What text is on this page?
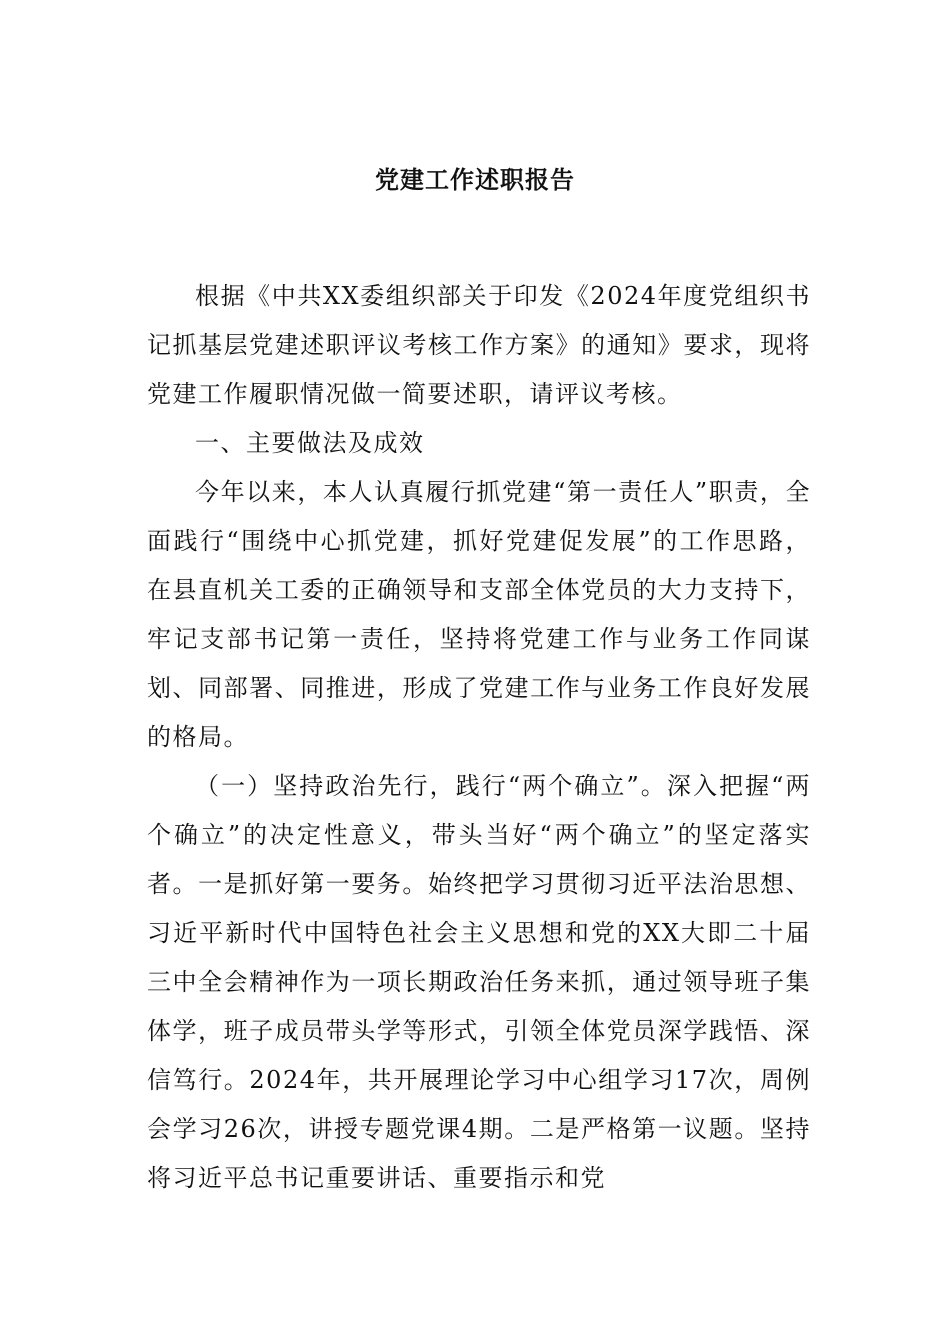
党建工作述职报告

根据《中共XX委组织部关于印发《2024年度党组织书记抓基层党建述职评议考核工作方案》的通知》要求，现将党建工作履职情况做一简要述职，请评议考核。

一、主要做法及成效

今年以来，本人认真履行抓党建“第一责任人”职责，全面践行“围绕中心抓党建，抓好党建促发展”的工作思路，在县直机关工委的正确领导和支部全体党员的大力支持下，牢记支部书记第一责任，坚持将党建工作与业务工作同谋划、同部署、同推进，形成了党建工作与业务工作良好发展的格局。

（一）坚持政治先行，践行“两个确立”。深入把握“两个确立”的决定性意义，带头当好“两个确立”的坚定落实者。一是抓好第一要务。始终把学习贯彻习近平法治思想、习近平新时代中国特色社会主义思想和党的XX大即二十届三中全会精神作为一项长期政治任务来抓，通过领导班子集体学，班子成员带头学等形式，引领全体党员深学践悟、深信笃行。2024年，共开展理论学习中心组学习17次，周例会学习26次，讲授专题党课4期。二是严格第一议题。坚持将习近平总书记重要讲话、重要指示和党
